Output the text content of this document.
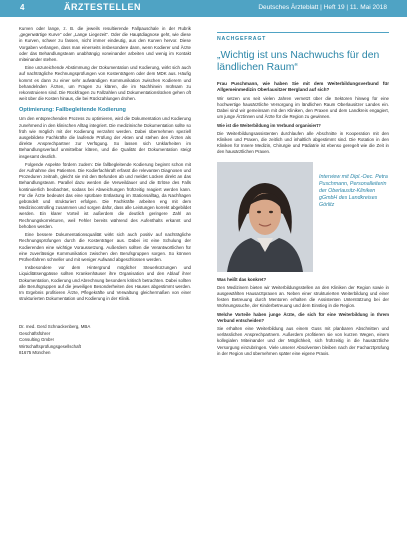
4	ÄRZTESTELLEN	Deutsches Ärzteblatt | Heft 19 | 11. Mai 2018

Kurven oder lange, z. B. die jeweils resultierende Fallpauschale in der Rubrik „gegenwärtige Kurve“ oder „Lange Liegezeit“. Oder die Hauptdiagnose geht, wie diese in Kurven, schwer zu fassen, nicht immer eindeutig, aus den Kurven hervor. Diese Vorgaben verlangen, dass man einerseits insbesondere dann, wenn Kodierer und Ärzte oder das Behandlungsteam unabhängig voneinander arbeiten und wenig im Kontakt miteinander stehen.

Eine unzureichende Abstimmung der Dokumentation und Kodierung, wirkt sich auch auf nachträgliche Rechnungsprüfungen von Kostenträgern oder dem MDK aus. Häufig kommt es dann zu einer sehr aufwändigen Kommunikation zwischen Kodierern und behandelnden Ärzten, um Fragen zu klären, die im Nachhinein mühsam zu rekonstruieren sind. Die Rückfragen zu Fallzahlen und Dokumentationslücken gehen oft weit über die Kosten hinaus, die bei Rückzahlungen drohen.

Optimierung: Fallbegleitende Kodierung

Um den entsprechenden Prozess zu optimieren, wird die Dokumentation und Kodierung zunehmend in den klinischen Alltag integriert. Die medizinische Dokumentation sollte so früh wie möglich mit der Kodierung verzahnt werden. Dabei übernehmen speziell ausgebildete Fachkräfte die laufende Prüfung der Akten und stehen den Ärzten als direkte Ansprechpartner zur Verfügung. So lassen sich Unklarheiten im Behandlungsverlauf unmittelbar klären, und die Qualität der Dokumentation steigt insgesamt deutlich.

Folgende Aspekte fördern zudem: Die fallbegleitende Kodierung beginnt schon mit der Aufnahme des Patienten. Die Kodierfachkraft erfasst die relevanten Diagnosen und Prozeduren zeitnah, gleicht sie mit den Befunden ab und meldet Lücken direkt an das Behandlungsteam. Parallel dazu werden die Verweildauer und die Erlöse des Falls kontinuierlich beobachtet, sodass bei Abweichungen frühzeitig reagiert werden kann. Für die Ärzte bedeutet das eine spürbare Entlastung im Stationsalltag, da Nachfragen gebündelt und strukturiert erfolgen. Die Fachkräfte arbeiten eng mit dem Medizincontrolling zusammen und sorgen dafür, dass alle Leistungen korrekt abgebildet werden. Ein klarer Vorteil ist außerdem die deutlich geringere Zahl an Rechnungskorrekturen, weil Fehler bereits während des Aufenthalts erkannt und behoben werden.

Eine bessere Dokumentationsqualität wirkt sich auch positiv auf nachträgliche Rechnungsprüfungen durch die Kostenträger aus. Dabei ist eine Schulung der Kodierenden eine wichtige Voraussetzung. Außerdem sollten die Verantwortlichen für eine zuverlässige Kommunikation zwischen den Berufsgruppen sorgen. So können Prüfverfahren schneller und mit weniger Aufwand abgeschlossen werden.

Insbesondere vor dem Hintergrund möglicher Steuerkürzungen und Liquiditätsengpässe sollten Krankenhäuser ihre Organisation und den Ablauf ihrer Dokumentation, Kodierung und Abrechnung besonders kritisch betrachten. Dabei sollten alle Berufsgruppen auf die jeweiligen Besonderheiten des Hauses abgestimmt werden. Im Ergebnis profitieren Ärzte, Pflegekräfte und Verwaltung gleichermaßen von einer strukturierten Dokumentation und Kodierung in der Klinik.

Dr. med. Gerd Schnackenberg, MBA
Geschäftsführer
Consulting GmbH
Wirtschaftsprüfungsgesellschaft
81675 München
NACHGEFRAGT
„Wichtig ist uns Nachwuchs für den ländlichen Raum“

Frau Puschmann, wie haben Sie mit dem Weiterbildungsverbund für Allgemeinmedizin Oberlausitzer Bergland auf sich?

Wir setzen uns seit vielen Jahren vernetzt über die Sektoren hinweg für eine hochwertige hausärztliche Versorgung im ländlichen Raum Oberlausitzer Landes ein. Dabei sind wir gemeinsam mit den Kliniken, den Praxen und dem Landkreis engagiert, um junge Ärztinnen und Ärzte für die Region zu gewinnen.

Wie ist die Weiterbildung im Verbund organisiert?

Die Weiterbildungsassistenten durchlaufen alle Abschnitte in Kooperation mit den Kliniken und Praxen, die zeitlich und inhaltlich abgestimmt sind. Die Rotation in den Kliniken für Innere Medizin, Chirurgie und Pädiatrie ist ebenso geregelt wie die Zeit in den hausärztlichen Praxen.

Interview mit Dipl.-Oec. Petra Puschmann, Personalleiterin der Oberlausitz-Kliniken gGmbH des Landkreises Görlitz

Was heißt das konkret?

Den Medizinern bieten wir Weiterbildungsstellen an den Kliniken der Region sowie in ausgewählten Hausarztpraxen an. Neben einer strukturierten Weiterbildung und einer festen Betreuung durch Mentoren erhalten die Assistenten Unterstützung bei der Wohnungssuche, der Kinderbetreuung und dem Einstieg in die Region.

Welche Vorteile haben junge Ärzte, die sich für eine Weiterbildung in Ihrem Verbund entscheiden?

Sie erhalten eine Weiterbildung aus einem Guss mit planbaren Abschnitten und verlässlichen Ansprechpartnern. Außerdem profitieren sie von kurzen Wegen, einem kollegialen Miteinander und der Möglichkeit, sich frühzeitig in die hausärztliche Versorgung einzubringen. Viele unserer Absolventen bleiben nach der Facharztprüfung in der Region und übernehmen später eine eigene Praxis.
